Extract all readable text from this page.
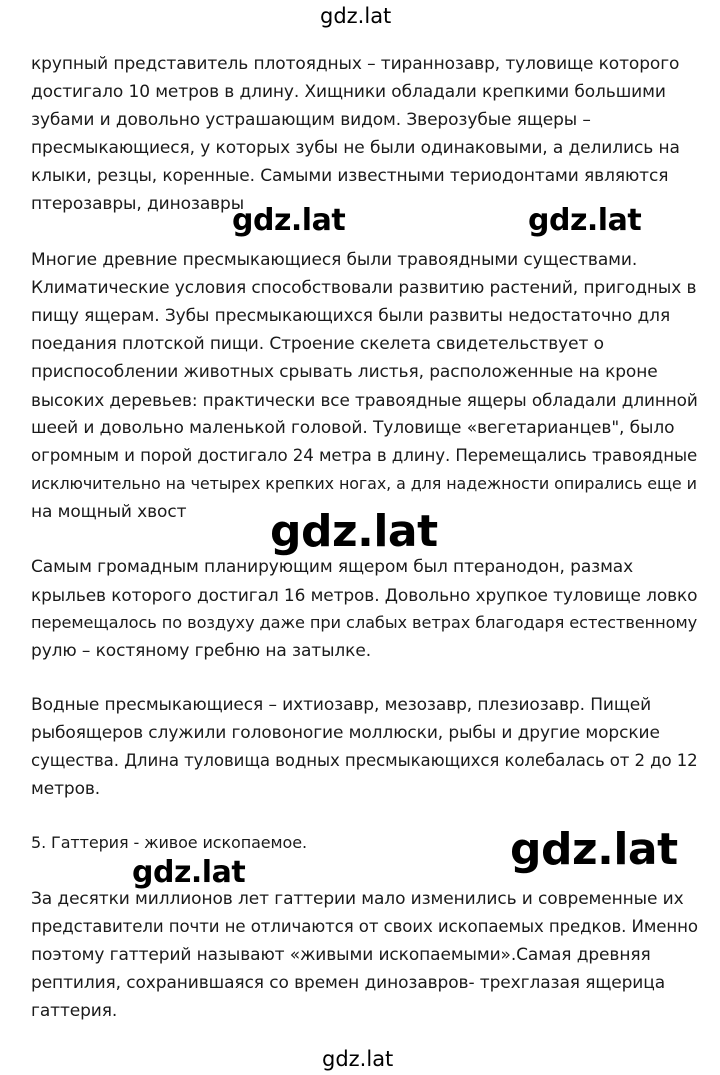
gdz.lat
крупный представитель плотоядных – тираннозавр, туловище которого
достигало 10 метров в длину. Хищники обладали крепкими большими
зубами и довольно устрашающим видом. Зверозубые ящеры –
пресмыкающиеся, у которых зубы не были одинаковыми, а делились на
клыки, резцы, коренные. Самыми известными териодонтами являются
птерозавры, динозавры
gdz.lat	gdz.lat
Многие древние пресмыкающиеся были травоядными существами.
Климатические условия способствовали развитию растений, пригодных в
пищу ящерам. Зубы пресмыкающихся были развиты недостаточно для
поедания плотской пищи. Строение скелета свидетельствует о
приспособлении животных срывать листья, расположенные на кроне
высоких деревьев: практически все травоядные ящеры обладали длинной
шеей и довольно маленькой головой. Туловище «вегетарианцев", было
огромным и порой достигало 24 метра в длину. Перемещались травоядные
исключительно на четырех крепких ногах, а для надежности опирались еще и
на мощный хвост gdz.lat
Самым громадным планирующим ящером был птеранодон, размах
крыльев которого достигал 16 метров. Довольно хрупкое туловище ловко
перемещалось по воздуху даже при слабых ветрах благодаря естественному
рулю – костяному гребню на затылке.
Водные пресмыкающиеся – ихтиозавр, мезозавр, плезиозавр. Пищей
рыбоящеров служили головоногие моллюски, рыбы и другие морские
существа. Длина туловища водных пресмыкающихся колебалась от 2 до 12
метров.
5. Гаттерия - живое ископаемое.	gdz.lat
gdz.lat
За десятки миллионов лет гаттерии мало изменились и современные их
представители почти не отличаются от своих ископаемых предков. Именно
поэтому гаттерий называют «живыми ископаемыми».Самая древняя
рептилия, сохранившаяся со времен динозавров- трехглазая ящерица
гаттерия.
gdz.lat
